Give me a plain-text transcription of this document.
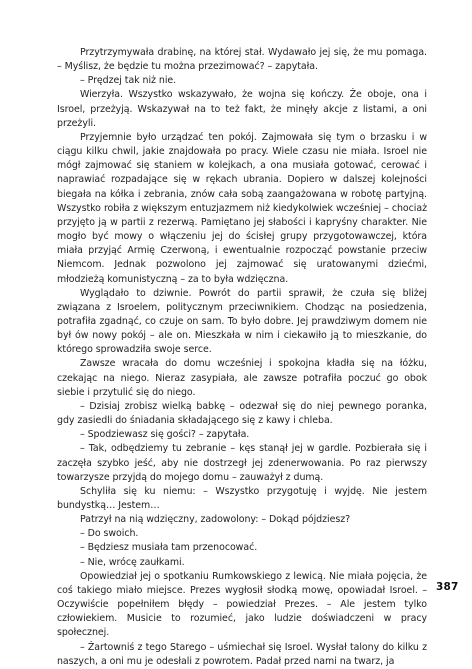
Przytrzymywała drabinę, na której stał. Wydawało jej się, że mu pomaga. – Myślisz, że będzie tu można przezimować? – zapytała.

– Prędzej tak niż nie.

Wierzyła. Wszystko wskazywało, że wojna się kończy. Że oboje, ona i Isroel, przeżyją. Wskazywał na to też fakt, że minęły akcje z listami, a oni przeżyli.

Przyjemnie było urządzać ten pokój. Zajmowała się tym o brzasku i w ciągu kilku chwil, jakie znajdowała po pracy. Wiele czasu nie miała. Isroel nie mógł zajmować się staniem w kolejkach, a ona musiała gotować, cerować i naprawiać rozpadające się w rękach ubrania. Dopiero w dalszej kolejności biegała na kółka i zebrania, znów cała sobą zaangażowana w robotę partyjną. Wszystko robiła z większym entuzjazmem niż kiedykolwiek wcześniej – chociaż przyjęto ją w partii z rezerwą. Pamiętano jej słabości i kapryśny charakter. Nie mogło być mowy o włączeniu jej do ścisłej grupy przygotowawczej, która miała przyjąć Armię Czerwoną, i ewentualnie rozpocząć powstanie przeciw Niemcom. Jednak pozwolono jej zajmować się uratowanymi dziećmi, młodzieżą komunistyczną – za to była wdzięczna.

Wyglądało to dziwnie. Powrót do partii sprawił, że czuła się bliżej związana z Isroelem, politycznym przeciwnikiem. Chodząc na posiedzenia, potrafiła zgadnąć, co czuje on sam. To było dobre. Jej prawdziwym domem nie był ów nowy pokój – ale on. Mieszkała w nim i ciekawiło ją to mieszkanie, do którego sprowadziła swoje serce.

Zawsze wracała do domu wcześniej i spokojna kładła się na łóżku, czekając na niego. Nieraz zasypiała, ale zawsze potrafiła poczuć go obok siebie i przytulić się do niego.

– Dzisiaj zrobisz wielką babkę – odezwał się do niej pewnego poranka, gdy zasiedli do śniadania składającego się z kawy i chleba.

– Spodziewasz się gości? – zapytała.

– Tak, odbędziemy tu zebranie – kęs stanął jej w gardle. Pozbierała się i zaczęła szybko jeść, aby nie dostrzegł jej zdenerwowania. Po raz pierwszy towarzysze przyjdą do mojego domu – zauważył z dumą.

Schyliła się ku niemu: – Wszystko przygotuję i wyjdę. Nie jestem bundystką… Jestem…

Patrzył na nią wdzięczny, zadowolony: – Dokąd pójdziesz?

– Do swoich.

– Będziesz musiała tam przenocować.

– Nie, wrócę zaułkami.

Opowiedział jej o spotkaniu Rumkowskiego z lewicą. Nie miała pojęcia, że coś takiego miało miejsce. Prezes wygłosił słodką mowę, opowiadał Isroel. – Oczywiście popełniłem błędy – powiedział Prezes. – Ale jestem tylko człowiekiem. Musicie to rozumieć, jako ludzie doświadczeni w pracy społecznej.

– Żartowniś z tego Starego – uśmiechał się Isroel. Wysłał talony do kilku z naszych, a oni mu je odesłali z powrotem. Padał przed nami na twarz, ja

387
